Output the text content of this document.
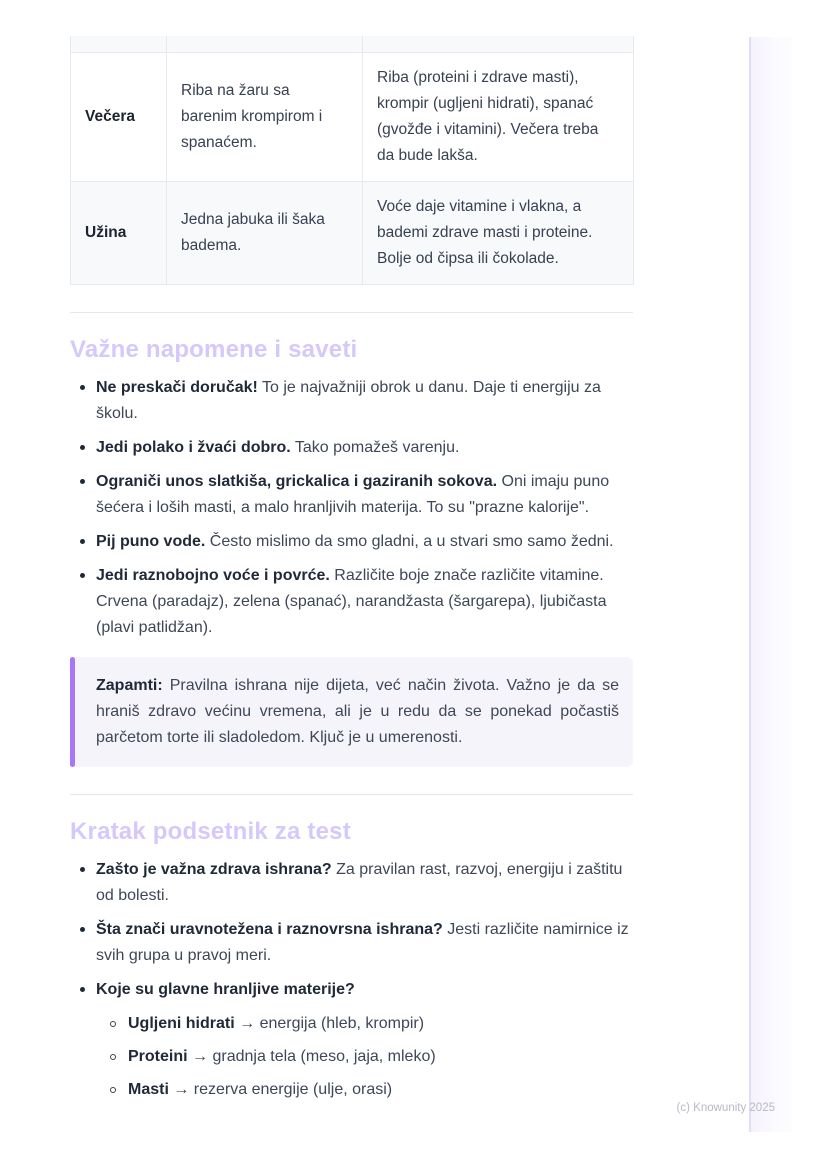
Večera	Riba na žaru sa barenim krompirom i spanaćem.	Riba (proteini i zdrave masti), krompir (ugljeni hidrati), spanać (gvožđe i vitamini). Večera treba da bude lakša.
Užina	Jedna jabuka ili šaka badema.	Voće daje vitamine i vlakna, a bademi zdrave masti i proteine. Bolje od čipsa ili čokolade.
Važne napomene i saveti
Ne preskači doručak! To je najvažniji obrok u danu. Daje ti energiju za školu.
Jedi polako i žvaći dobro. Tako pomažeš varenju.
Ograniči unos slatkiša, grickalica i gaziranih sokova. Oni imaju puno šećera i loših masti, a malo hranljivih materija. To su "prazne kalorije".
Pij puno vode. Često mislimo da smo gladni, a u stvari smo samo žedni.
Jedi raznobojno voće i povrće. Različite boje znače različite vitamine. Crvena (paradajz), zelena (spanać), narandžasta (šargarepa), ljubičasta (plavi patlidžan).
Zapamti: Pravilna ishrana nije dijeta, već način života. Važno je da se hraniš zdravo većinu vremena, ali je u redu da se ponekad počastiš parčetom torte ili sladoledom. Ključ je u umerenosti.
Kratak podsetnik za test
Zašto je važna zdrava ishrana? Za pravilan rast, razvoj, energiju i zaštitu od bolesti.
Šta znači uravnotežena i raznovrsna ishrana? Jesti različite namirnice iz svih grupa u pravoj meri.
Koje su glavne hranljive materije?
Ugljeni hidrati → energija (hleb, krompir)
Proteini → gradnja tela (meso, jaja, mleko)
Masti → rezerva energije (ulje, orasi)
(c) Knowunity 2025
